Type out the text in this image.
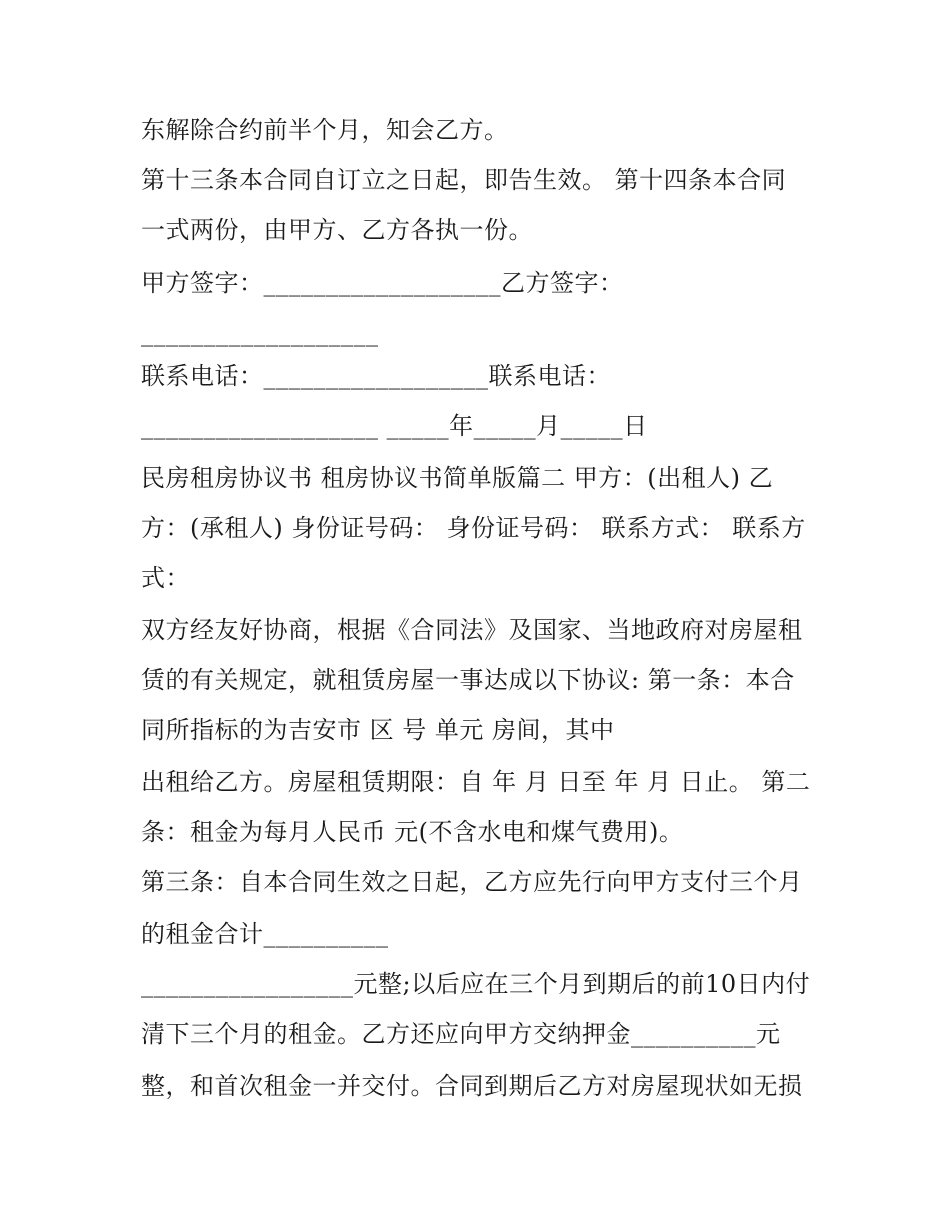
东解除合约前半个月，知会乙方。
第十三条本合同自订立之日起，即告生效。 第十四条本合同
一式两份，由甲方、乙方各执一份。
甲方签字：___________________乙方签字：
___________________
联系电话：__________________联系电话：
___________________ _____年_____月_____日
民房租房协议书 租房协议书简单版篇二 甲方：(出租人) 乙
方：(承租人) 身份证号码： 身份证号码： 联系方式： 联系方
式：
双方经友好协商，根据《合同法》及国家、当地政府对房屋租
赁的有关规定，就租赁房屋一事达成以下协议: 第一条：本合
同所指标的为吉安市 区 号 单元 房间，其中
出租给乙方。房屋租赁期限：自 年 月 日至 年 月 日止。 第二
条：租金为每月人民币 元(不含水电和煤气费用)。
第三条：自本合同生效之日起，乙方应先行向甲方支付三个月
的租金合计__________
_________________元整;以后应在三个月到期后的前10日内付
清下三个月的租金。乙方还应向甲方交纳押金__________元
整，和首次租金一并交付。合同到期后乙方对房屋现状如无损
